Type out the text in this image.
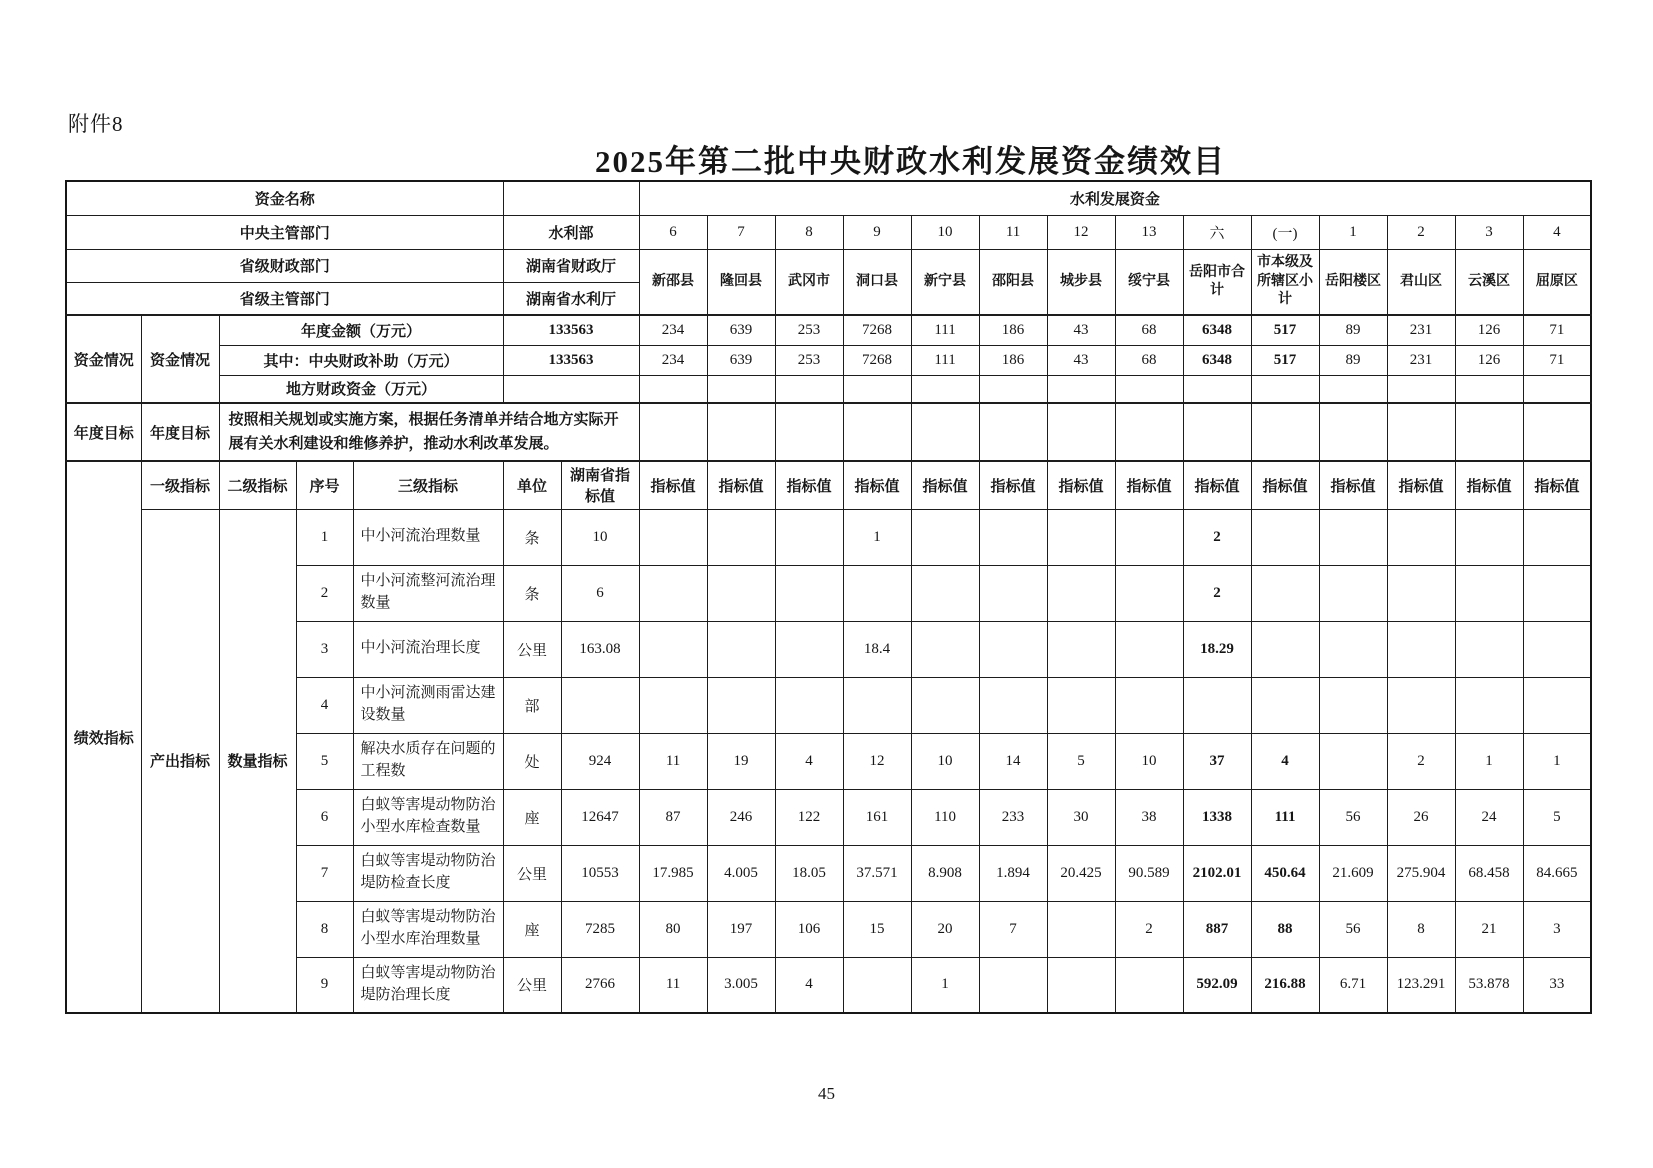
附件8
2025年第二批中央财政水利发展资金绩效目
资金名称							水利发展资金													
中央主管部门					水利部		6	7	8	9	10	11	12	13	六	(一)	1	2	3	4
省级财政部门					湖南省财政厅		新邵县	隆回县	武冈市	洞口县	新宁县	邵阳县	城步县	绥宁县	岳阳市合计	市本级及所辖区小计	岳阳楼区	君山区	云溪区	屈原区
省级主管部门					湖南省水利厅															
资金情况	资金情况	年度金额（万元）			133563		234	639	253	7268	111	186	43	68	6348	517	89	231	126	71
		其中：中央财政补助（万元）			133563		234	639	253	7268	111	186	43	68	6348	517	89	231	126	71
		地方财政资金（万元）																		
年度目标	年度目标	按照相关规划或实施方案，根据任务清单并结合地方实际开展有关水利建设和维修养护，推动水利改革发展。																		
绩效指标	一级指标	二级指标	序号	三级指标	单位	湖南省指标值	指标值	指标值	指标值	指标值	指标值	指标值	指标值	指标值	指标值	指标值	指标值	指标值	指标值	指标值
	产出指标	数量指标	1	中小河流治理数量	条	10				1					2					
			2	中小河流整河流治理数量	条	6									2					
			3	中小河流治理长度	公里	163.08				18.4					18.29					
			4	中小河流测雨雷达建设数量	部															
			5	解决水质存在问题的工程数	处	924	11	19	4	12	10	14	5	10	37	4		2	1	1
			6	白蚁等害堤动物防治小型水库检查数量	座	12647	87	246	122	161	110	233	30	38	1338	111	56	26	24	5
			7	白蚁等害堤动物防治堤防检查长度	公里	10553	17.985	4.005	18.05	37.571	8.908	1.894	20.425	90.589	2102.01	450.64	21.609	275.904	68.458	84.665
			8	白蚁等害堤动物防治小型水库治理数量	座	7285	80	197	106	15	20	7		2	887	88	56	8	21	3
			9	白蚁等害堤动物防治堤防治理长度	公里	2766	11	3.005	4		1				592.09	216.88	6.71	123.291	53.878	33
45
